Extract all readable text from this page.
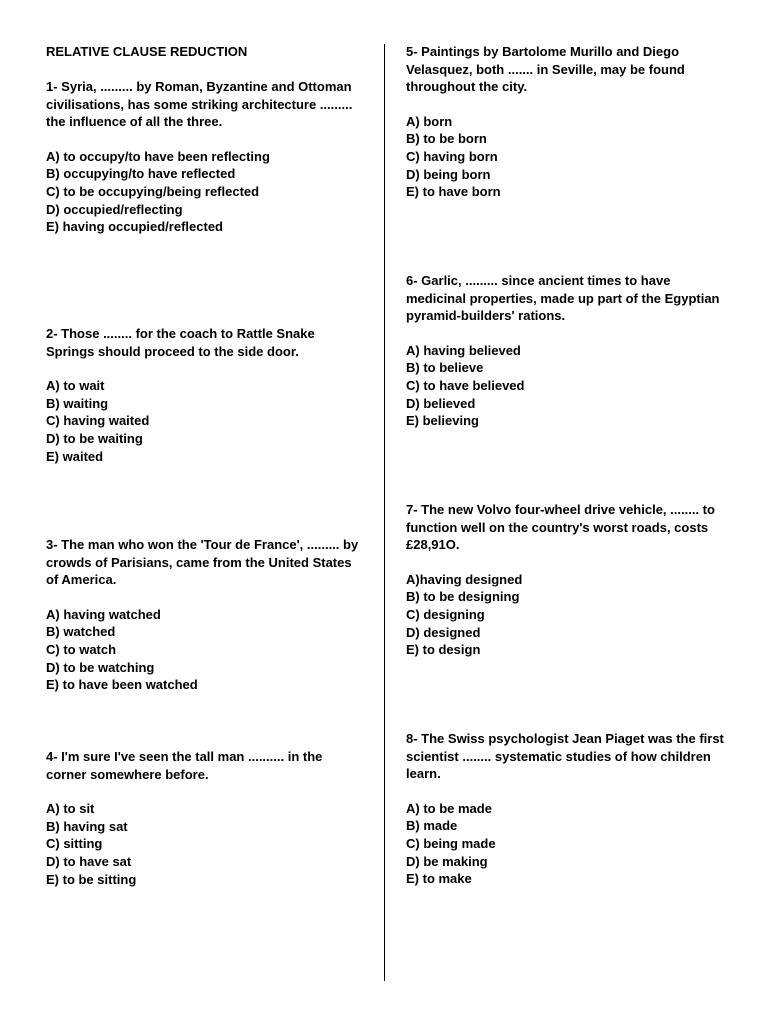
RELATIVE CLAUSE REDUCTION

1- Syria, ......... by Roman, Byzantine and Ottoman civilisations, has some striking architecture ......... the influence of all the three.

A) to occupy/to have been reflecting
B) occupying/to have reflected
C) to be occupying/being reflected
D) occupied/reflecting
E) having occupied/reflected

2- Those ........ for the coach to Rattle Snake Springs should proceed to the side door.

A) to wait
B) waiting
C) having waited
D) to be waiting
E) waited

3- The man who won the 'Tour de France', ......... by crowds of Parisians, came from the United States of America.

A) having watched
B) watched
C) to watch
D) to be watching
E) to have been watched

4- I'm sure I've seen the tall man .......... in the corner somewhere before.

A) to sit
B) having sat
C) sitting
D) to have sat
E) to be sitting

5- Paintings by Bartolome Murillo and Diego Velasquez, both ....... in Seville, may be found throughout the city.

A) born
B) to be born
C) having born
D) being born
E) to have born

6- Garlic, ......... since ancient times to have medicinal properties, made up part of the Egyptian pyramid-builders' rations.

A) having believed
B) to believe
C) to have believed
D) believed
E) believing

7- The new Volvo four-wheel drive vehicle, ........ to function well on the country's worst roads, costs £28,91O.

A)having designed
B) to be designing
C) designing
D) designed
E) to design

8- The Swiss psychologist Jean Piaget was the first scientist ........ systematic studies of how children learn.

A) to be made
B) made
C) being made
D) be making
E) to make
